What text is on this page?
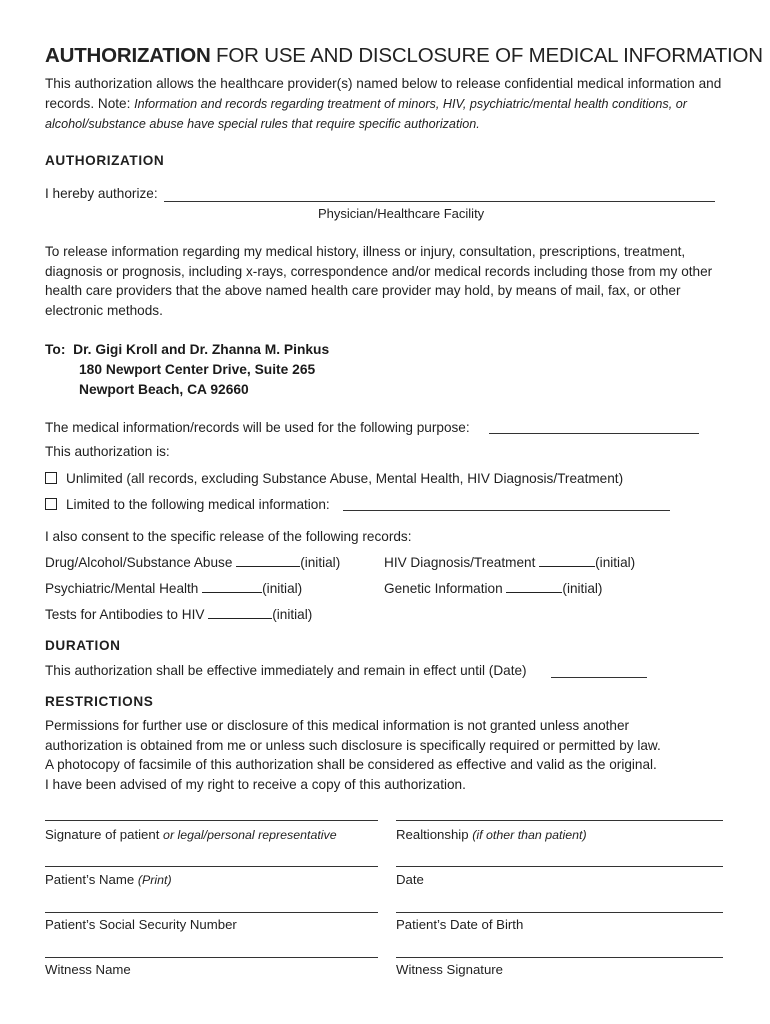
AUTHORIZATION FOR USE AND DISCLOSURE OF MEDICAL INFORMATION
This authorization allows the healthcare provider(s) named below to release confidential medical information and records. Note: Information and records regarding treatment of minors, HIV, psychiatric/mental health conditions, or alcohol/substance abuse have special rules that require specific authorization.
AUTHORIZATION
I hereby authorize:
Physician/Healthcare Facility
To release information regarding my medical history, illness or injury, consultation, prescriptions, treatment, diagnosis or prognosis, including x-rays, correspondence and/or medical records including those from my other health care providers that the above named health care provider may hold, by means of mail, fax, or other electronic methods.
To: Dr. Gigi Kroll and Dr. Zhanna M. Pinkus
180 Newport Center Drive, Suite 265
Newport Beach, CA 92660
The medical information/records will be used for the following purpose:
This authorization is:
Unlimited (all records, excluding Substance Abuse, Mental Health, HIV Diagnosis/Treatment)
Limited to the following medical information:
I also consent to the specific release of the following records:
Drug/Alcohol/Substance Abuse	(initial)	HIV Diagnosis/Treatment	(initial)
Psychiatric/Mental Health	(initial)	Genetic Information	(initial)
Tests for Antibodies to HIV	(initial)
DURATION
This authorization shall be effective immediately and remain in effect until (Date)
RESTRICTIONS
Permissions for further use or disclosure of this medical information is not granted unless another
authorization is obtained from me or unless such disclosure is specifically required or permitted by law.
A photocopy of facsimile of this authorization shall be considered as effective and valid as the original.
I have been advised of my right to receive a copy of this authorization.
Signature of patient or legal/personal representative	Realtionship (if other than patient)
Patient’s Name (Print)	Date
Patient’s Social Security Number	Patient’s Date of Birth
Witness Name	Witness Signature
